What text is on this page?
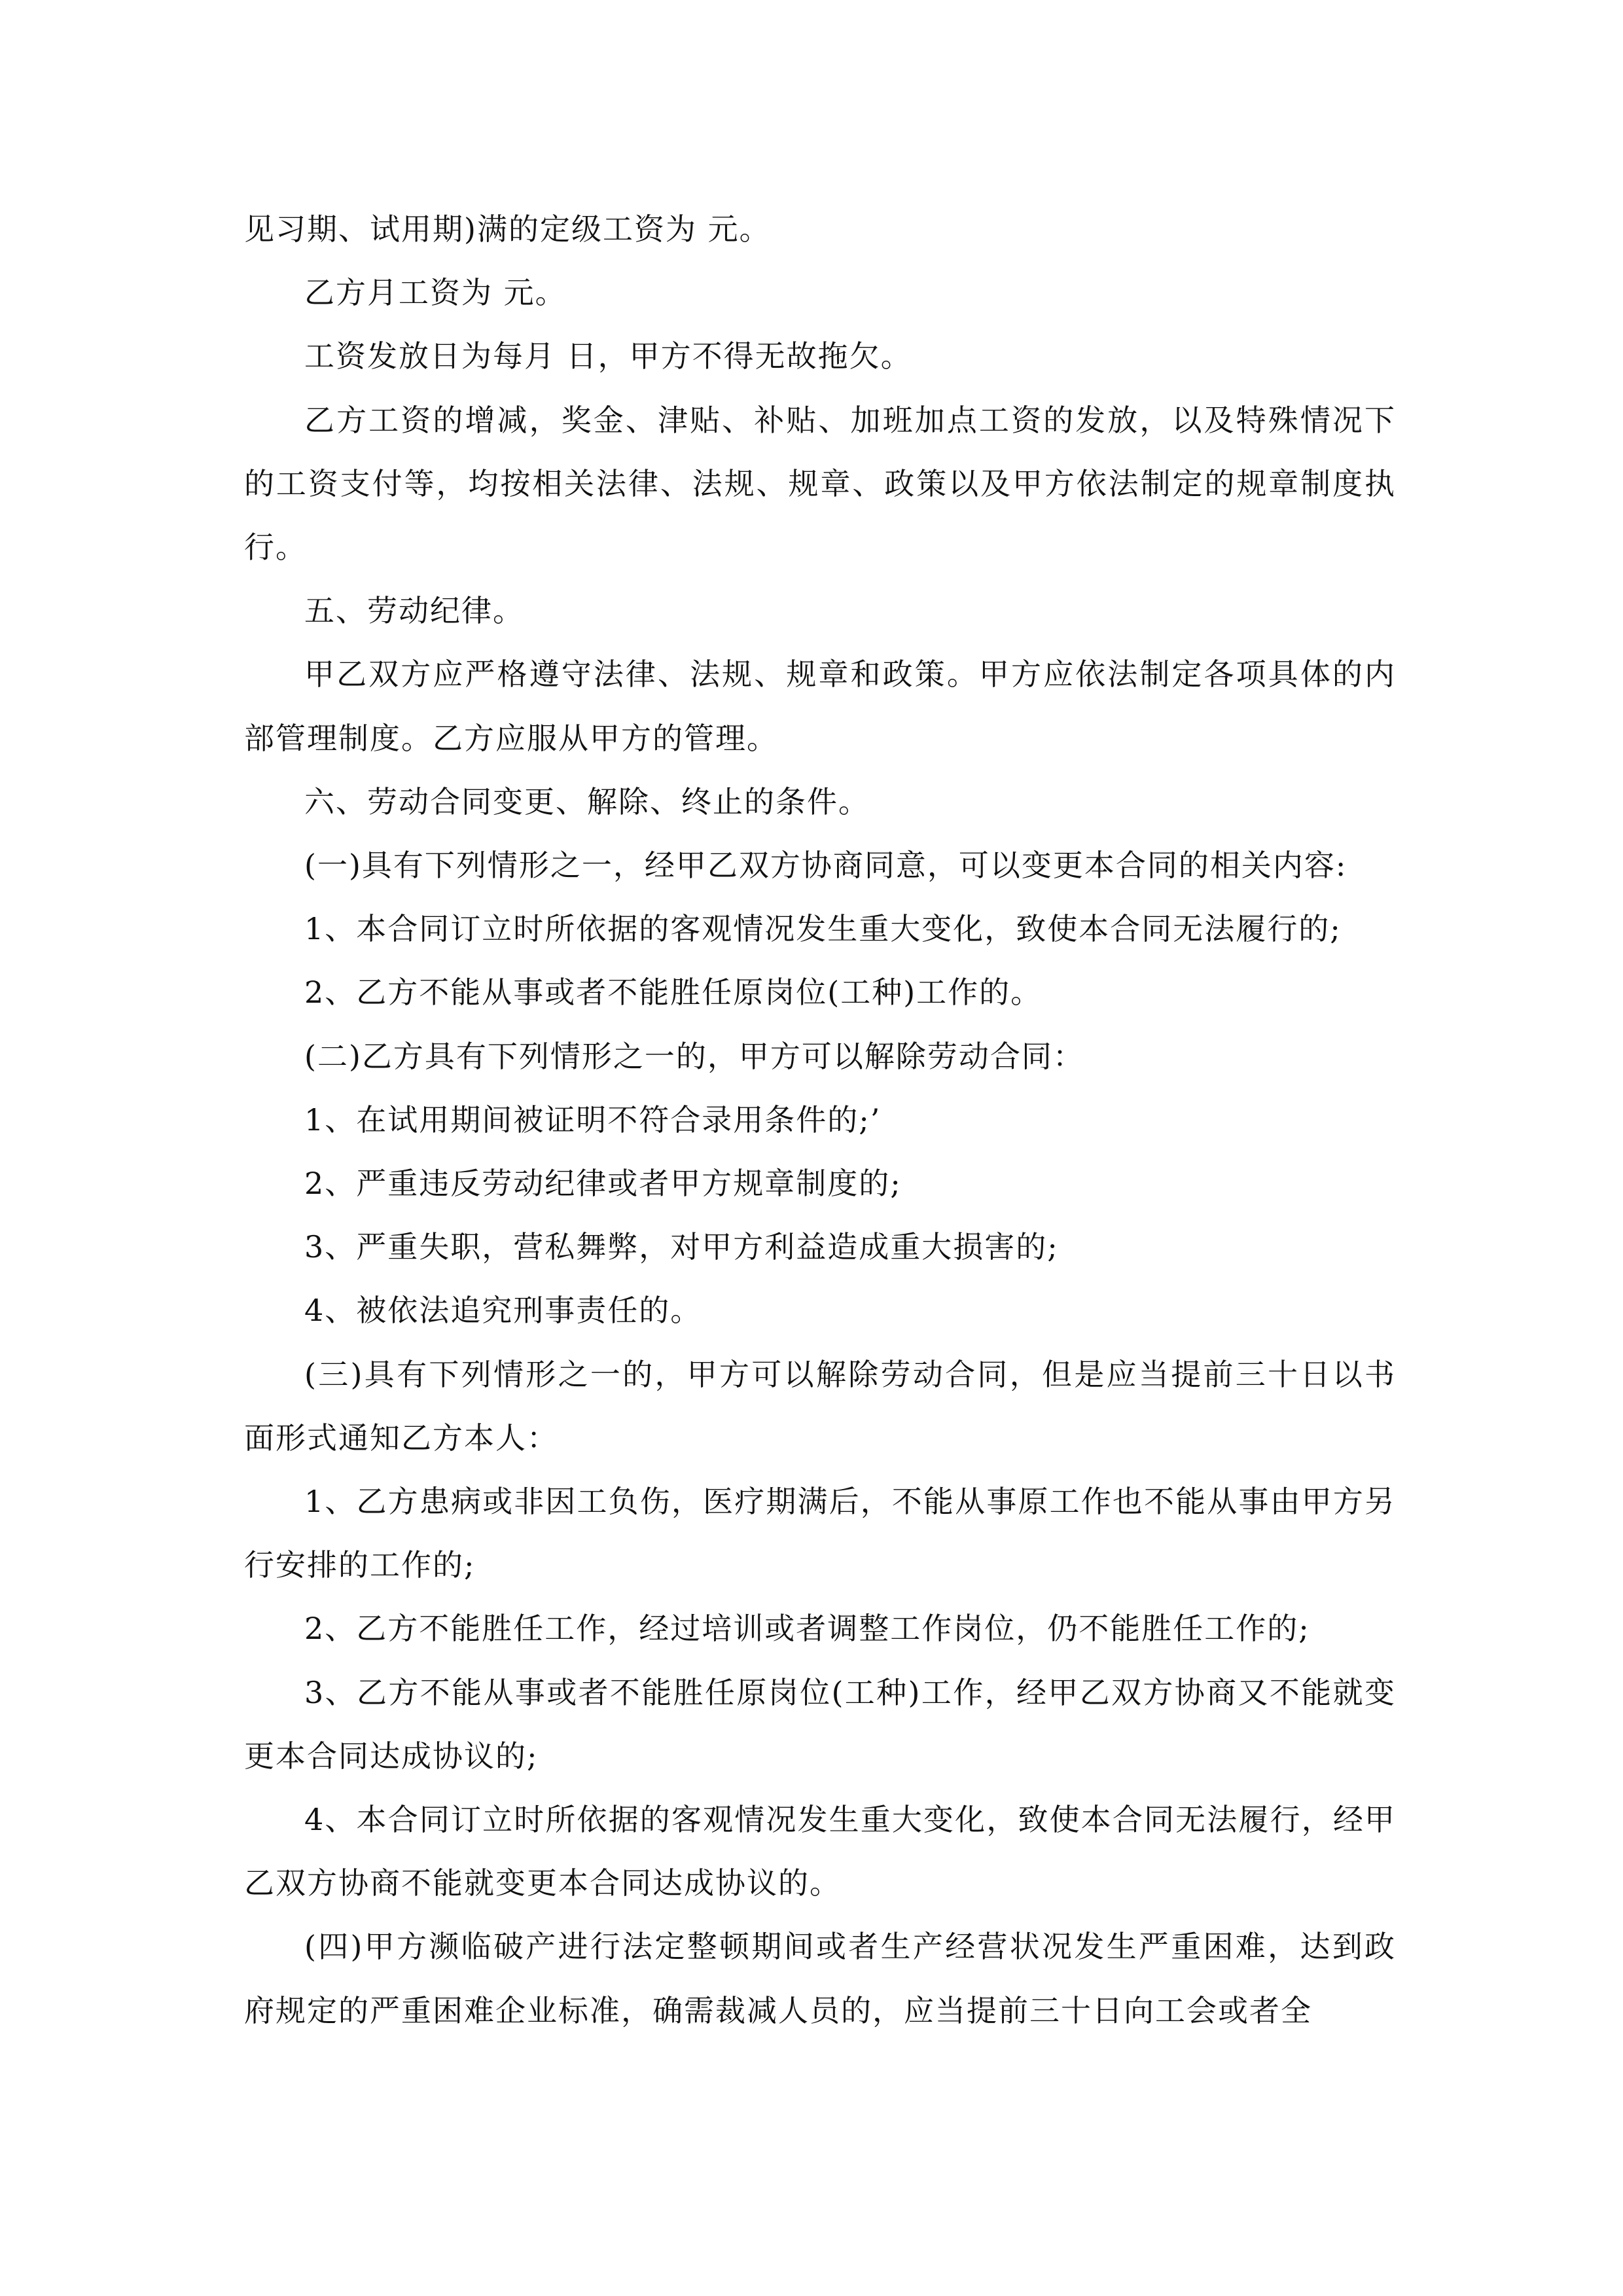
见习期、试用期)满的定级工资为 元。

乙方月工资为 元。

工资发放日为每月 日，甲方不得无故拖欠。

乙方工资的增减，奖金、津贴、补贴、加班加点工资的发放，以及特殊情况下的工资支付等，均按相关法律、法规、规章、政策以及甲方依法制定的规章制度执行。

五、劳动纪律。

甲乙双方应严格遵守法律、法规、规章和政策。甲方应依法制定各项具体的内部管理制度。乙方应服从甲方的管理。

六、劳动合同变更、解除、终止的条件。

(一)具有下列情形之一，经甲乙双方协商同意，可以变更本合同的相关内容:

1、本合同订立时所依据的客观情况发生重大变化，致使本合同无法履行的;

2、乙方不能从事或者不能胜任原岗位(工种)工作的。

(二)乙方具有下列情形之一的，甲方可以解除劳动合同：

1、在试用期间被证明不符合录用条件的;’

2、严重违反劳动纪律或者甲方规章制度的;

3、严重失职，营私舞弊，对甲方利益造成重大损害的;

4、被依法追究刑事责任的。

(三)具有下列情形之一的，甲方可以解除劳动合同，但是应当提前三十日以书面形式通知乙方本人：

1、乙方患病或非因工负伤，医疗期满后，不能从事原工作也不能从事由甲方另行安排的工作的;

2、乙方不能胜任工作，经过培训或者调整工作岗位，仍不能胜任工作的;

3、乙方不能从事或者不能胜任原岗位(工种)工作，经甲乙双方协商又不能就变更本合同达成协议的;

4、本合同订立时所依据的客观情况发生重大变化，致使本合同无法履行，经甲乙双方协商不能就变更本合同达成协议的。

(四)甲方濒临破产进行法定整顿期间或者生产经营状况发生严重困难，达到政府规定的严重困难企业标准，确需裁减人员的，应当提前三十日向工会或者全
